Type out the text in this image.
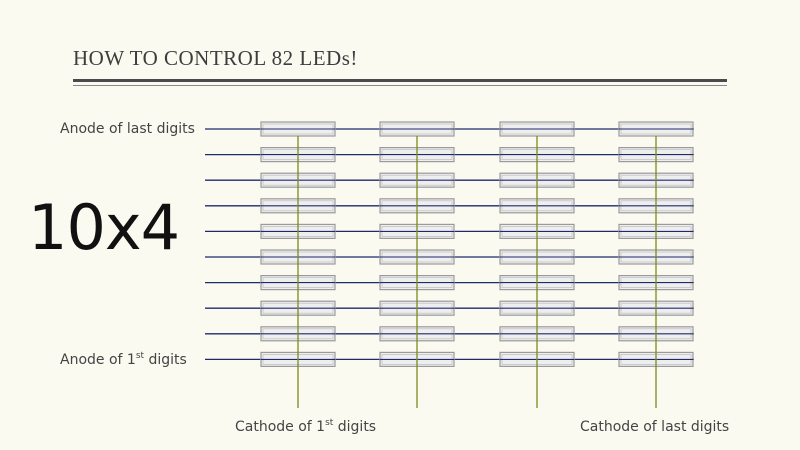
HOW TO CONTROL 82 LEDs!
10x4
Anode of last digits
Anode of 1st digits
Cathode of 1st digits	Cathode of last digits
